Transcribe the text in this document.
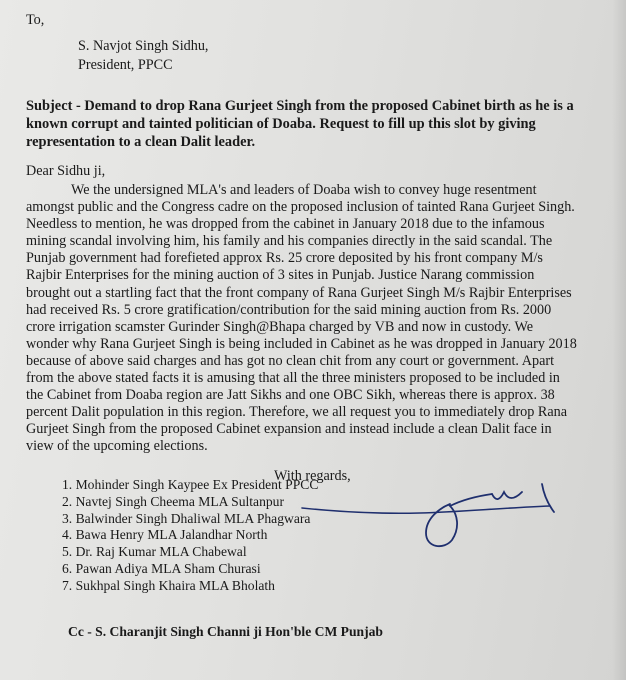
To,
S. Navjot Singh Sidhu,
President, PPCC
Subject - Demand to drop Rana Gurjeet Singh from the proposed Cabinet birth as he is a
known corrupt and tainted politician of Doaba. Request to fill up this slot by giving
representation to a clean Dalit leader.
Dear Sidhu ji,
We the undersigned MLA's and leaders of Doaba wish to convey huge resentment
amongst public and the Congress cadre on the proposed inclusion of tainted Rana Gurjeet Singh.
Needless to mention, he was dropped from the cabinet in January 2018 due to the infamous
mining scandal involving him, his family and his companies directly in the said scandal. The
Punjab government had forefieted approx Rs. 25 crore deposited by his front company M/s
Rajbir Enterprises for the mining auction of 3 sites in Punjab. Justice Narang commission
brought out a startling fact that the front company of Rana Gurjeet Singh M/s Rajbir Enterprises
had received Rs. 5 crore gratification/contribution for the said mining auction from Rs. 2000
crore irrigation scamster Gurinder Singh@Bhapa charged by VB and now in custody. We
wonder why Rana Gurjeet Singh is being included in Cabinet as he was dropped in January 2018
because of above said charges and has got no clean chit from any court or government. Apart
from the above stated facts it is amusing that all the three ministers proposed to be included in
the Cabinet from Doaba region are Jatt Sikhs and one OBC Sikh, whereas there is approx. 38
percent Dalit population in this region. Therefore, we all request you to immediately drop Rana
Gurjeet Singh from the proposed Cabinet expansion and instead include a clean Dalit face in
view of the upcoming elections.
With regards,
1. Mohinder Singh Kaypee Ex President PPCC
2. Navtej Singh Cheema MLA Sultanpur
3. Balwinder Singh Dhaliwal MLA Phagwara
4. Bawa Henry MLA Jalandhar North
5. Dr. Raj Kumar MLA Chabewal
6. Pawan Adiya MLA Sham Churasi
7. Sukhpal Singh Khaira MLA Bholath
Cc - S. Charanjit Singh Channi ji Hon'ble CM Punjab
